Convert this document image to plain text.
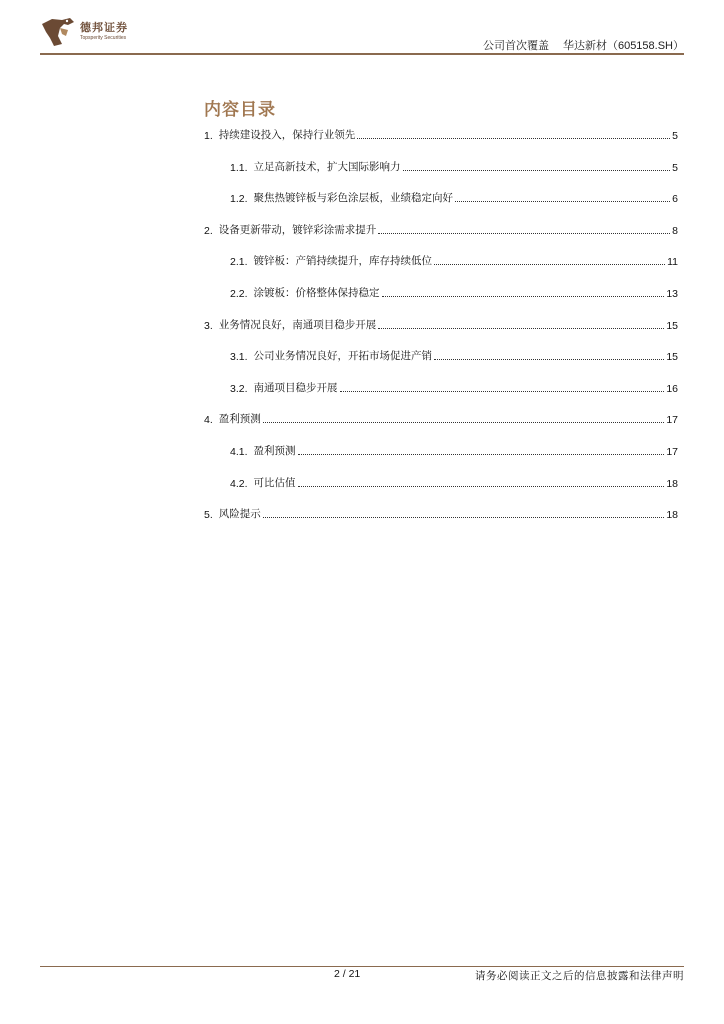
德邦证券
Topsperity Securities
公司首次覆盖 华达新材（605158.SH）
内容目录
1. 持续建设投入，保持行业领先	5
1.1. 立足高新技术，扩大国际影响力	5
1.2. 聚焦热镀锌板与彩色涂层板，业绩稳定向好	6
2. 设备更新带动，镀锌彩涂需求提升	8
2.1. 镀锌板：产销持续提升，库存持续低位	11
2.2. 涂镀板：价格整体保持稳定	13
3. 业务情况良好，南通项目稳步开展	15
3.1. 公司业务情况良好，开拓市场促进产销	15
3.2. 南通项目稳步开展	16
4. 盈利预测	17
4.1. 盈利预测	17
4.2. 可比估值	18
5. 风险提示	18
2 / 21	请务必阅读正文之后的信息披露和法律声明
